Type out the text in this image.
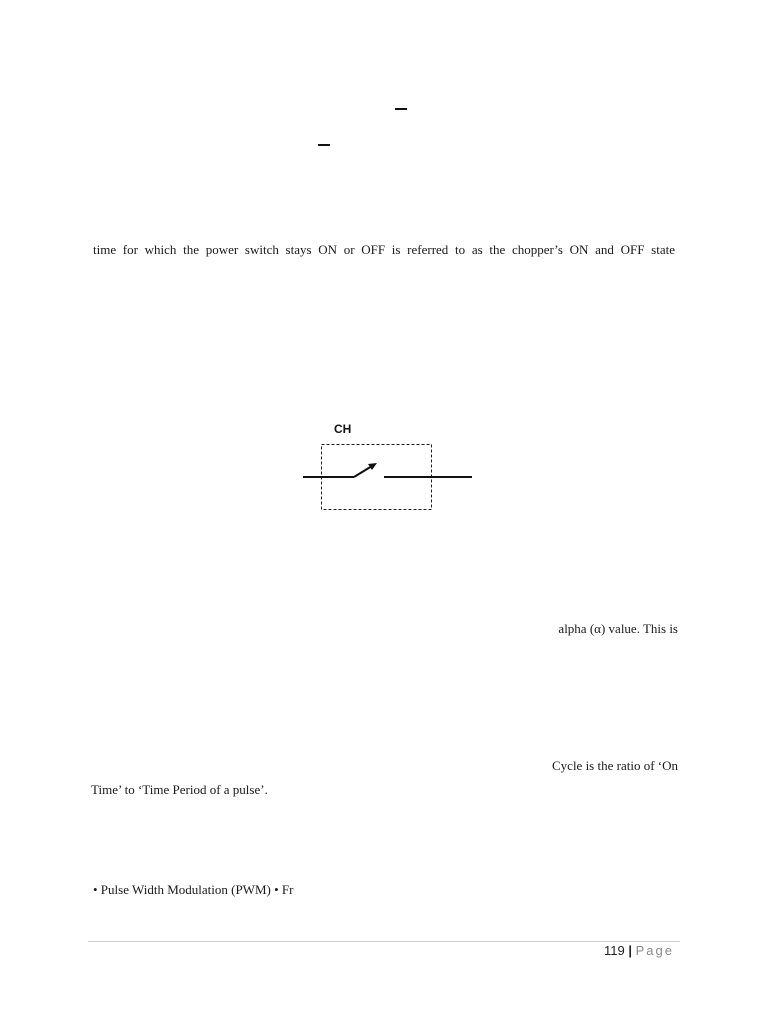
time for which the power switch stays ON or OFF is referred to as the chopper’s ON and OFF state
CH
alpha (α) value. This is
Cycle is the ratio of ‘On
Time’ to ‘Time Period of a pulse’.
• Pulse Width Modulation (PWM) • Fr
119 | Page
